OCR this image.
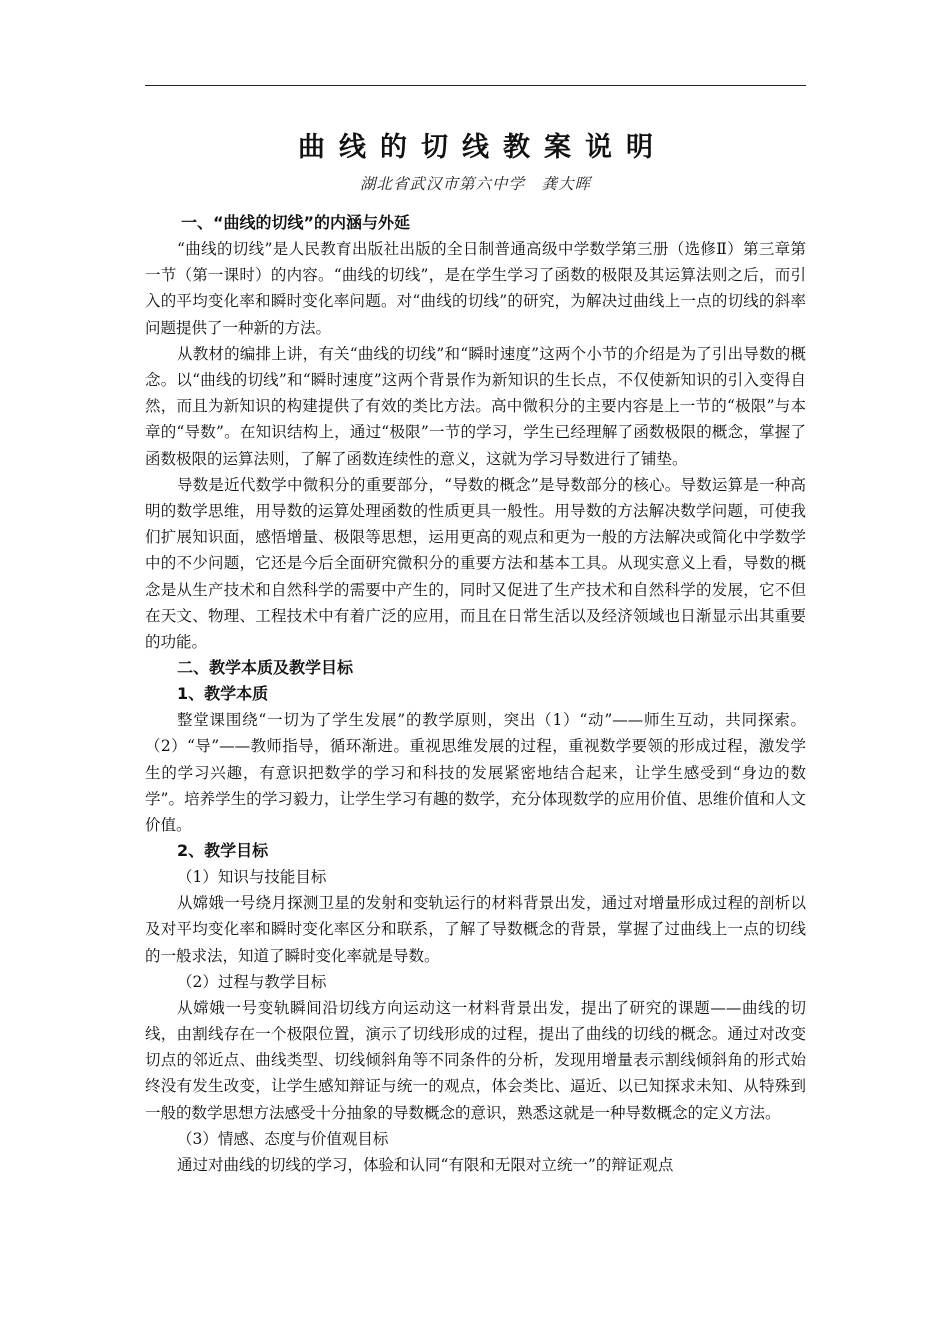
曲线的切线教案说明
湖北省武汉市第六中学　龚大晖
一、“曲线的切线”的内涵与外延
“曲线的切线”是人民教育出版社出版的全日制普通高级中学数学第三册（选修Ⅱ）第三章第一节（第一课时）的内容。“曲线的切线”，是在学生学习了函数的极限及其运算法则之后，而引入的平均变化率和瞬时变化率问题。对“曲线的切线”的研究，为解决过曲线上一点的切线的斜率问题提供了一种新的方法。
从教材的编排上讲，有关“曲线的切线”和“瞬时速度”这两个小节的介绍是为了引出导数的概念。以“曲线的切线”和“瞬时速度”这两个背景作为新知识的生长点，不仅使新知识的引入变得自然，而且为新知识的构建提供了有效的类比方法。高中微积分的主要内容是上一节的“极限”与本章的“导数”。在知识结构上，通过“极限”一节的学习，学生已经理解了函数极限的概念，掌握了函数极限的运算法则，了解了函数连续性的意义，这就为学习导数进行了铺垫。
导数是近代数学中微积分的重要部分，“导数的概念”是导数部分的核心。导数运算是一种高明的数学思维，用导数的运算处理函数的性质更具一般性。用导数的方法解决数学问题，可使我们扩展知识面，感悟增量、极限等思想，运用更高的观点和更为一般的方法解决或简化中学数学中的不少问题，它还是今后全面研究微积分的重要方法和基本工具。从现实意义上看，导数的概念是从生产技术和自然科学的需要中产生的，同时又促进了生产技术和自然科学的发展，它不但在天文、物理、工程技术中有着广泛的应用，而且在日常生活以及经济领域也日渐显示出其重要的功能。
二、教学本质及教学目标
1、教学本质
整堂课围绕“一切为了学生发展”的教学原则，突出（1）“动”——师生互动，共同探索。（2）“导”——教师指导，循环渐进。重视思维发展的过程，重视数学要领的形成过程，激发学生的学习兴趣，有意识把数学的学习和科技的发展紧密地结合起来，让学生感受到“身边的数学”。培养学生的学习毅力，让学生学习有趣的数学，充分体现数学的应用价值、思维价值和人文价值。
2、教学目标
（1）知识与技能目标
从嫦娥一号绕月探测卫星的发射和变轨运行的材料背景出发，通过对增量形成过程的剖析以及对平均变化率和瞬时变化率区分和联系，了解了导数概念的背景，掌握了过曲线上一点的切线的一般求法，知道了瞬时变化率就是导数。
（2）过程与教学目标
从嫦娥一号变轨瞬间沿切线方向运动这一材料背景出发，提出了研究的课题——曲线的切线，由割线存在一个极限位置，演示了切线形成的过程，提出了曲线的切线的概念。通过对改变切点的邻近点、曲线类型、切线倾斜角等不同条件的分析，发现用增量表示割线倾斜角的形式始终没有发生改变，让学生感知辩证与统一的观点，体会类比、逼近、以已知探求未知、从特殊到一般的数学思想方法感受十分抽象的导数概念的意识，熟悉这就是一种导数概念的定义方法。
（3）情感、态度与价值观目标
通过对曲线的切线的学习，体验和认同“有限和无限对立统一”的辩证观点
